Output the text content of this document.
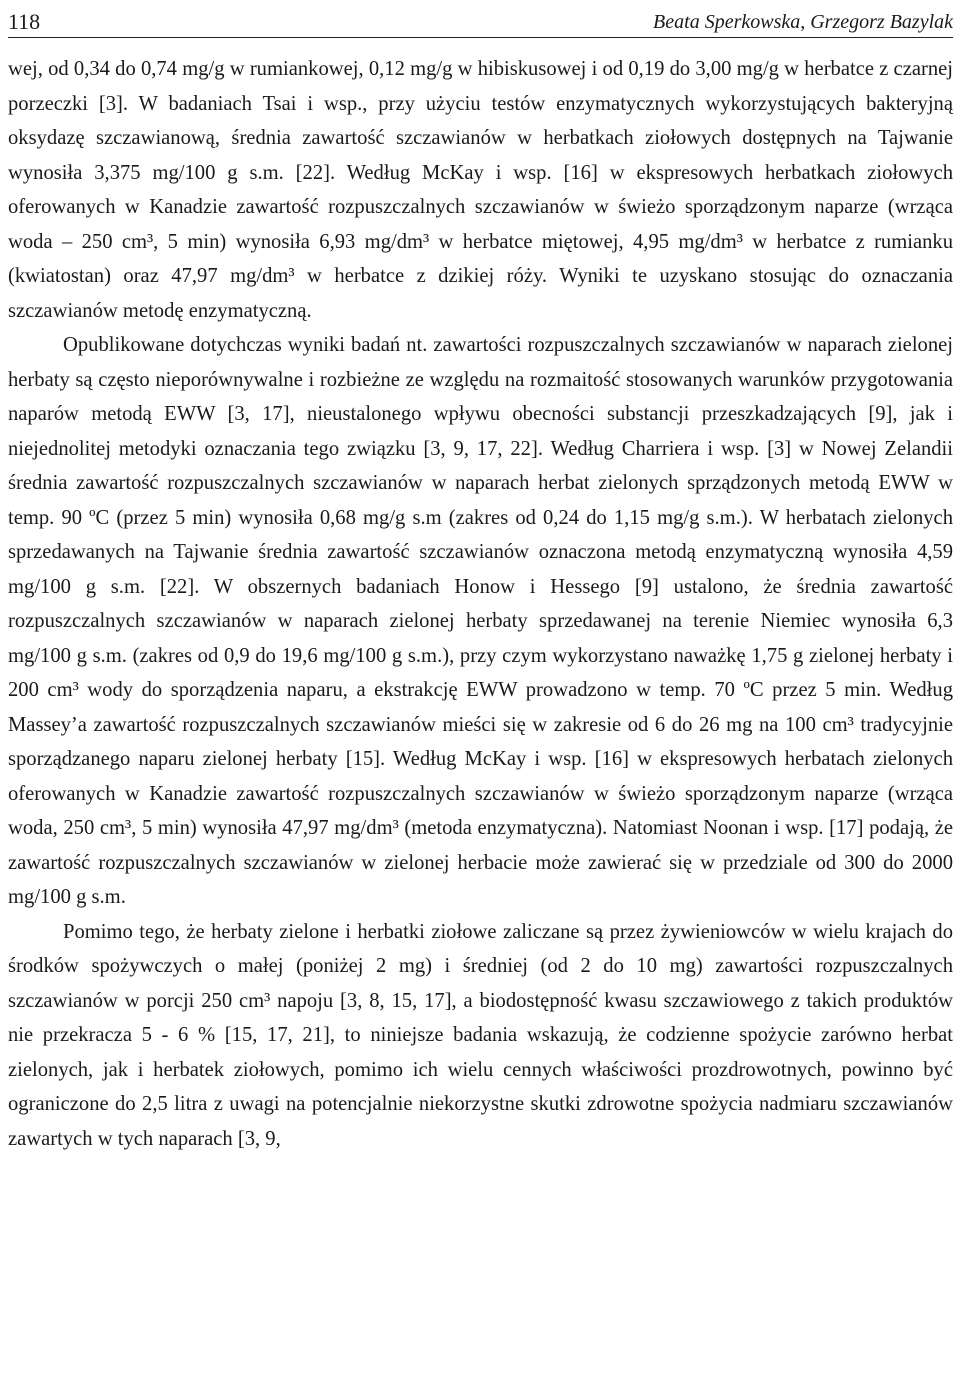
118	Beata Sperkowska, Grzegorz Bazylak

wej, od 0,34 do 0,74 mg/g w rumiankowej, 0,12 mg/g w hibiskusowej i od 0,19 do 3,00 mg/g w herbatce z czarnej porzeczki [3]. W badaniach Tsai i wsp., przy użyciu testów enzymatycznych wykorzystujących bakteryjną oksydazę szczawianową, średnia zawartość szczawianów w herbatkach ziołowych dostępnych na Tajwanie wynosiła 3,375 mg/100 g s.m. [22]. Według McKay i wsp. [16] w ekspresowych herbatkach ziołowych oferowanych w Kanadzie zawartość rozpuszczalnych szczawianów w świeżo sporządzonym naparze (wrząca woda – 250 cm³, 5 min) wynosiła 6,93 mg/dm³ w herbatce miętowej, 4,95 mg/dm³ w herbatce z rumianku (kwiatostan) oraz 47,97 mg/dm³ w herbatce z dzikiej róży. Wyniki te uzyskano stosując do oznaczania szczawianów metodę enzymatyczną.

Opublikowane dotychczas wyniki badań nt. zawartości rozpuszczalnych szczawianów w naparach zielonej herbaty są często nieporównywalne i rozbieżne ze względu na rozmaitość stosowanych warunków przygotowania naparów metodą EWW [3, 17], nieustalonego wpływu obecności substancji przeszkadzających [9], jak i niejednolitej metodyki oznaczania tego związku [3, 9, 17, 22]. Według Charriera i wsp. [3] w Nowej Zelandii średnia zawartość rozpuszczalnych szczawianów w naparach herbat zielonych sprządzonych metodą EWW w temp. 90 ºC (przez 5 min) wynosiła 0,68 mg/g s.m (zakres od 0,24 do 1,15 mg/g s.m.). W herbatach zielonych sprzedawanych na Tajwanie średnia zawartość szczawianów oznaczona metodą enzymatyczną wynosiła 4,59 mg/100 g s.m. [22]. W obszernych badaniach Honow i Hessego [9] ustalono, że średnia zawartość rozpuszczalnych szczawianów w naparach zielonej herbaty sprzedawanej na terenie Niemiec wynosiła 6,3 mg/100 g s.m. (zakres od 0,9 do 19,6 mg/100 g s.m.), przy czym wykorzystano naważkę 1,75 g zielonej herbaty i 200 cm³ wody do sporządzenia naparu, a ekstrakcję EWW prowadzono w temp. 70 ºC przez 5 min. Według Massey’a zawartość rozpuszczalnych szczawianów mieści się w zakresie od 6 do 26 mg na 100 cm³ tradycyjnie sporządzanego naparu zielonej herbaty [15]. Według McKay i wsp. [16] w ekspresowych herbatach zielonych oferowanych w Kanadzie zawartość rozpuszczalnych szczawianów w świeżo sporządzonym naparze (wrząca woda, 250 cm³, 5 min) wynosiła 47,97 mg/dm³ (metoda enzymatyczna). Natomiast Noonan i wsp. [17] podają, że zawartość rozpuszczalnych szczawianów w zielonej herbacie może zawierać się w przedziale od 300 do 2000 mg/100 g s.m.

Pomimo tego, że herbaty zielone i herbatki ziołowe zaliczane są przez żywieniowców w wielu krajach do środków spożywczych o małej (poniżej 2 mg) i średniej (od 2 do 10 mg) zawartości rozpuszczalnych szczawianów w porcji 250 cm³ napoju [3, 8, 15, 17], a biodostępność kwasu szczawiowego z takich produktów nie przekracza 5 - 6 % [15, 17, 21], to niniejsze badania wskazują, że codzienne spożycie zarówno herbat zielonych, jak i herbatek ziołowych, pomimo ich wielu cennych właściwości prozdrowotnych, powinno być ograniczone do 2,5 litra z uwagi na potencjalnie niekorzystne skutki zdrowotne spożycia nadmiaru szczawianów zawartych w tych naparach [3, 9,
